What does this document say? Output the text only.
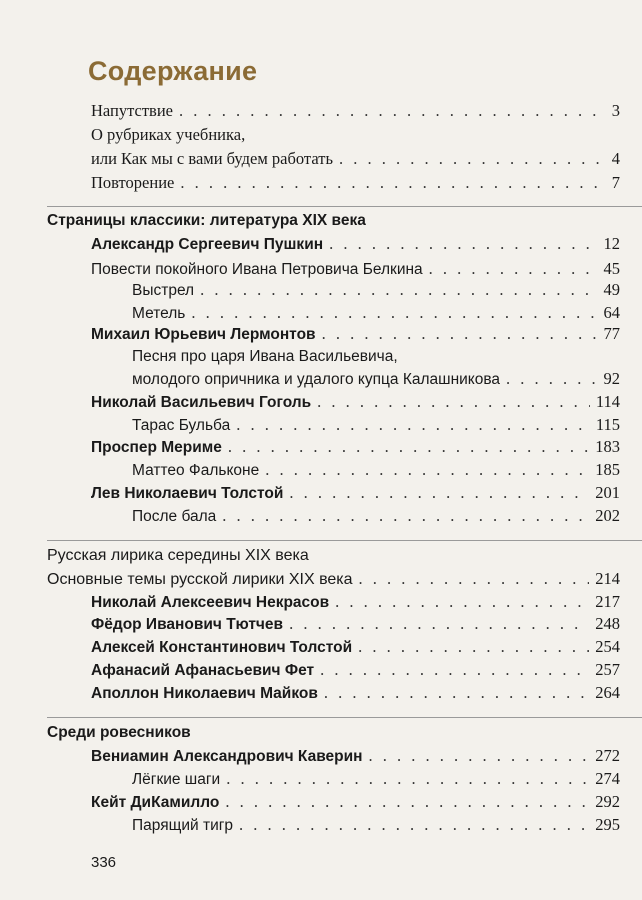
Содержание
Напутствие . . .	3
О рубриках учебника,
или Как мы с вами будем работать . . .	4
Повторение . . .	7
Страницы классики: литература XIX века
Александр Сергеевич Пушкин . . .	12
Повести покойного Ивана Петровича Белкина . . .	45
Выстрел . . .	49
Метель . . .	64
Михаил Юрьевич Лермонтов . . .	77
Песня про царя Ивана Васильевича,
молодого опричника и удалого купца Калашникова . . .	92
Николай Васильевич Гоголь . . .	114
Тарас Бульба . . .	115
Проспер Мериме . . .	183
Маттео Фальконе . . .	185
Лев Николаевич Толстой . . .	201
После бала . . .	202
Русская лирика середины XIX века
Основные темы русской лирики XIX века . . .	214
Николай Алексеевич Некрасов . . .	217
Фёдор Иванович Тютчев . . .	248
Алексей Константинович Толстой . . .	254
Афанасий Афанасьевич Фет . . .	257
Аполлон Николаевич Майков . . .	264
Среди ровесников
Вениамин Александрович Каверин . . .	272
Лёгкие шаги . . .	274
Кейт ДиКамилло . . .	292
Парящий тигр . . .	295
336
